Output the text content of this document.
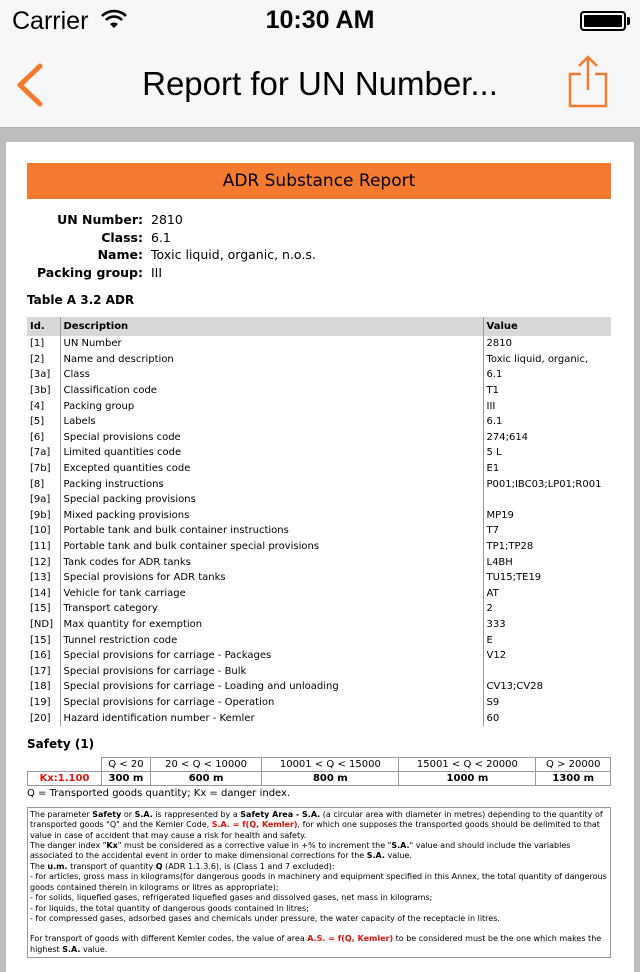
Carrier	10:30 AM
Report for UN Number...
ADR Substance Report
UN Number: 2810
Class: 6.1
Name: Toxic liquid, organic, n.o.s.
Packing group: III
Table A 3.2 ADR
Id.	Description	Value
[1]	UN Number	2810
[2]	Name and description	Toxic liquid, organic,
[3a]	Class	6.1
[3b]	Classification code	T1
[4]	Packing group	III
[5]	Labels	6.1
[6]	Special provisions code	274;614
[7a]	Limited quantities code	5 L
[7b]	Excepted quantities code	E1
[8]	Packing instructions	P001;IBC03;LP01;R001
[9a]	Special packing provisions	
[9b]	Mixed packing provisions	MP19
[10]	Portable tank and bulk container instructions	T7
[11]	Portable tank and bulk container special provisions	TP1;TP28
[12]	Tank codes for ADR tanks	L4BH
[13]	Special provisions for ADR tanks	TU15;TE19
[14]	Vehicle for tank carriage	AT
[15]	Transport category	2
[ND]	Max quantity for exemption	333
[15]	Tunnel restriction code	E
[16]	Special provisions for carriage - Packages	V12
[17]	Special provisions for carriage - Bulk	
[18]	Special provisions for carriage - Loading and unloading	CV13;CV28
[19]	Special provisions for carriage - Operation	S9
[20]	Hazard identification number - Kemler	60
Safety (1)
	Q < 20	20 < Q < 10000	10001 < Q < 15000	15001 < Q < 20000	Q > 20000
Kx:1.100	300 m	600 m	800 m	1000 m	1300 m
Q = Transported goods quantity; Kx = danger index.
The parameter Safety or S.A. is rappresented by a Safety Area - S.A. (a circular area with diameter in metres) depending to the quantity of transported goods "Q" and the Kemler Code, S.A. = f(Q, Kemler), for which one supposes the transported goods should be delimited to that value in case of accident that may cause a risk for health and safety.
The danger index "Kx" must be considered as a corrective value in +% to increment the "S.A." value and should include the variables associated to the accidental event in order to make dimensional corrections for the S.A. value.
The u.m. transport of quantity Q (ADR 1.1.3.6), is (Class 1 and 7 excluded):
- for articles, gross mass in kilograms(for dangerous goods in machinery and equipment specified in this Annex, the total quantity of dangerous goods contained therein in kilograms or litres as appropriate);
- for solids, liquefied gases, refrigerated liquefied gases and dissolved gases, net mass in kilograms;
- for liquids, the total quantity of dangerous goods contained in litres;
- for compressed gases, adsorbed gases and chemicals under pressure, the water capacity of the receptacle in litres.
For transport of goods with different Kemler codes, the value of area A.S. = f(Q, Kemler) to be considered must be the one which makes the highest S.A. value.
